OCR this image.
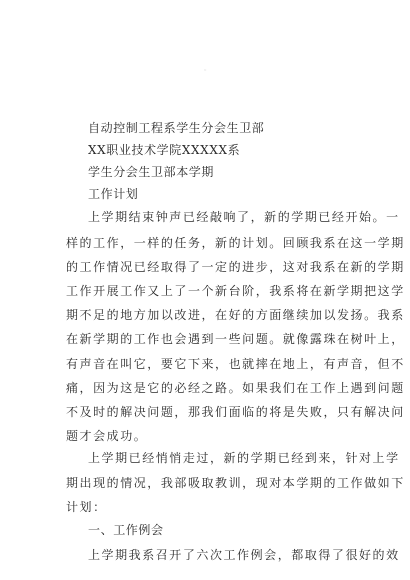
自动控制工程系学生分会生卫部
XX职业技术学院XXXXX系
学生分会生卫部本学期
工作计划
上学期结束钟声已经敲响了，新的学期已经开始。一
样的工作，一样的任务，新的计划。回顾我系在这一学期
的工作情况已经取得了一定的进步，这对我系在新的学期
工作开展工作又上了一个新台阶，我系将在新学期把这学
期不足的地方加以改进，在好的方面继续加以发扬。我系
在新学期的工作也会遇到一些问题。就像露珠在树叶上，
有声音在叫它，要它下来，也就摔在地上，有声音，但不
痛，因为这是它的必经之路。如果我们在工作上遇到问题
不及时的解决问题，那我们面临的将是失败，只有解决问
题才会成功。
上学期已经悄悄走过，新的学期已经到来，针对上学
期出现的情况，我部吸取教训，现对本学期的工作做如下
计划：
一、工作例会
上学期我系召开了六次工作例会，都取得了很好的效
